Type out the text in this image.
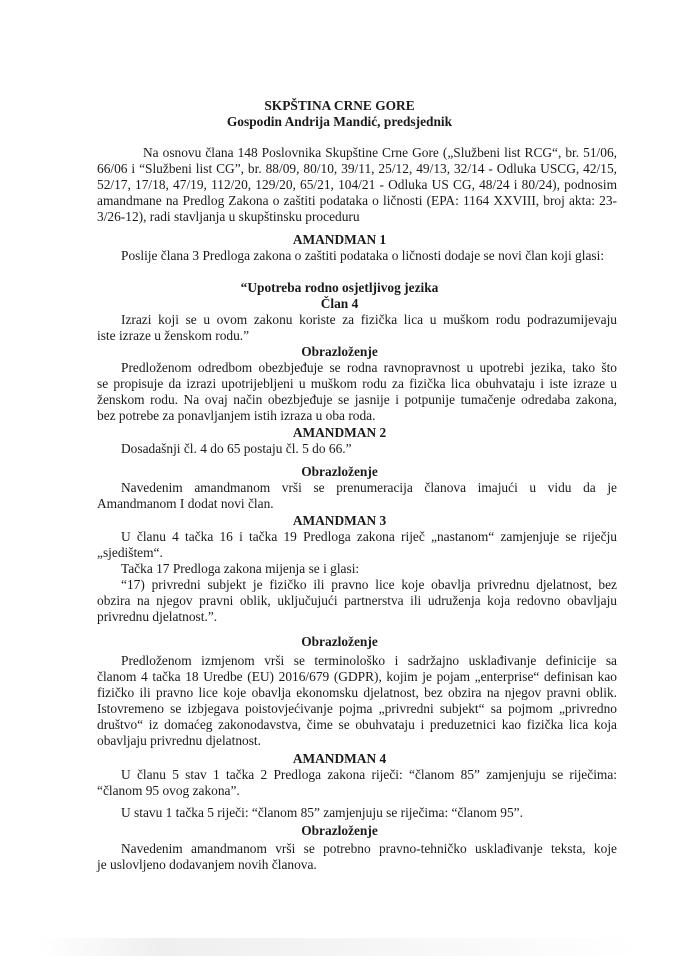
SKPŠTINA CRNE GORE
Gospodin Andrija Mandić, predsjednik
Na osnovu člana 148 Poslovnika Skupštine Crne Gore („Službeni list RCG“, br. 51/06,
66/06 i “Službeni list CG”, br. 88/09, 80/10, 39/11, 25/12, 49/13, 32/14 - Odluka USCG, 42/15,
52/17, 17/18, 47/19, 112/20, 129/20, 65/21, 104/21 - Odluka US CG, 48/24 i 80/24), podnosim
amandmane na Predlog Zakona o zaštiti podataka o ličnosti (EPA: 1164 XXVIII, broj akta: 23-
3/26-12), radi stavljanja u skupštinsku proceduru
AMANDMAN 1
Poslije člana 3 Predloga zakona o zaštiti podataka o ličnosti dodaje se novi član koji glasi:
“Upotreba rodno osjetljivog jezika
Član 4
Izrazi koji se u ovom zakonu koriste za fizička lica u muškom rodu podrazumijevaju
iste izraze u ženskom rodu.”
Obrazloženje
Predloženom odredbom obezbjeđuje se rodna ravnopravnost u upotrebi jezika, tako što
se propisuje da izrazi upotrijebljeni u muškom rodu za fizička lica obuhvataju i iste izraze u
ženskom rodu. Na ovaj način obezbjeđuje se jasnije i potpunije tumačenje odredaba zakona,
bez potrebe za ponavljanjem istih izraza u oba roda.
AMANDMAN 2
Dosadašnji čl. 4 do 65 postaju čl. 5 do 66.”
Obrazloženje
Navedenim amandmanom vrši se prenumeracija članova imajući u vidu da je
Amandmanom I dodat novi član.
AMANDMAN 3
U članu 4 tačka 16 i tačka 19 Predloga zakona riječ „nastanom“ zamjenjuje se riječju
„sjedištem“.
Tačka 17 Predloga zakona mijenja se i glasi:
“17) privredni subjekt je fizičko ili pravno lice koje obavlja privrednu djelatnost, bez
obzira na njegov pravni oblik, uključujući partnerstva ili udruženja koja redovno obavljaju
privrednu djelatnost.”.
Obrazloženje
Predloženom izmjenom vrši se terminološko i sadržajno usklađivanje definicije sa
članom 4 tačka 18 Uredbe (EU) 2016/679 (GDPR), kojim je pojam „enterprise“ definisan kao
fizičko ili pravno lice koje obavlja ekonomsku djelatnost, bez obzira na njegov pravni oblik.
Istovremeno se izbjegava poistovjećivanje pojma „privredni subjekt“ sa pojmom „privredno
društvo“ iz domaćeg zakonodavstva, čime se obuhvataju i preduzetnici kao fizička lica koja
obavljaju privrednu djelatnost.
AMANDMAN 4
U članu 5 stav 1 tačka 2 Predloga zakona riječi: “članom 85” zamjenjuju se riječima:
“članom 95 ovog zakona”.
U stavu 1 tačka 5 riječi: “članom 85” zamjenjuju se riječima: “članom 95”.
Obrazloženje
Navedenim amandmanom vrši se potrebno pravno-tehničko usklađivanje teksta, koje
je uslovljeno dodavanjem novih članova.
